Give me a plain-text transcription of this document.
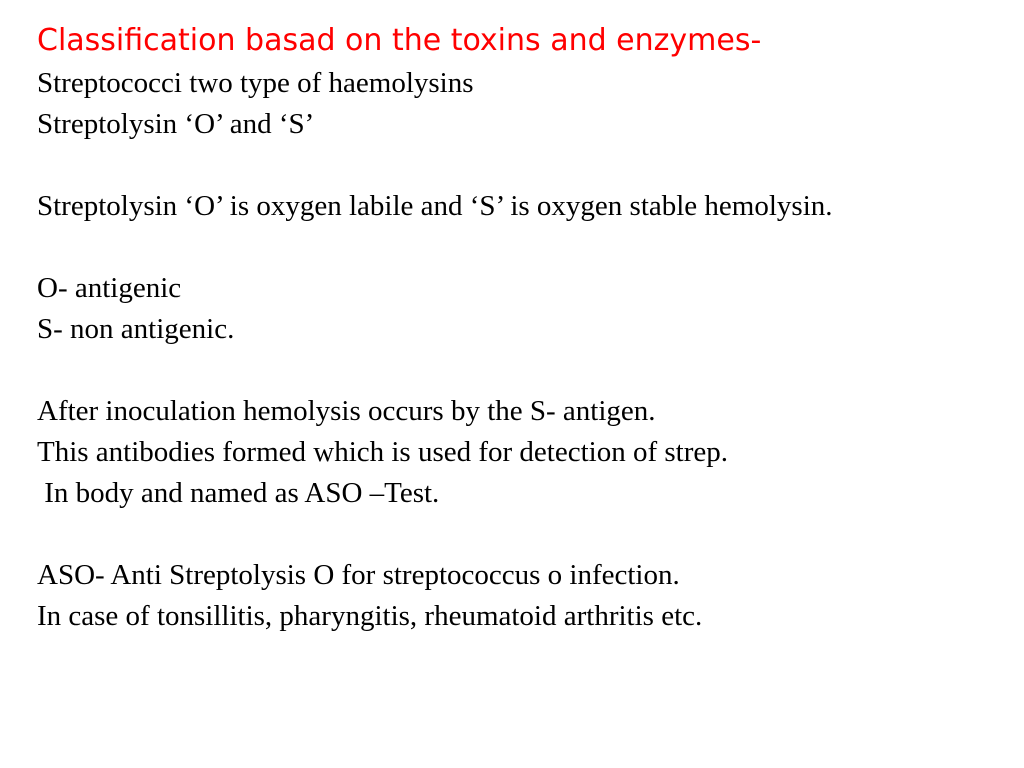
Classification basad on the toxins and enzymes-
Streptococci two type of haemolysins
Streptolysin ‘O’ and ‘S’
Streptolysin ‘O’ is oxygen labile and ‘S’ is oxygen stable hemolysin.
O- antigenic
S- non antigenic.
After inoculation hemolysis occurs by the S- antigen.
This antibodies formed which is used for detection of strep.
In body and named as ASO –Test.
ASO- Anti Streptolysis O for streptococcus o infection.
In case of tonsillitis, pharyngitis, rheumatoid arthritis etc.
